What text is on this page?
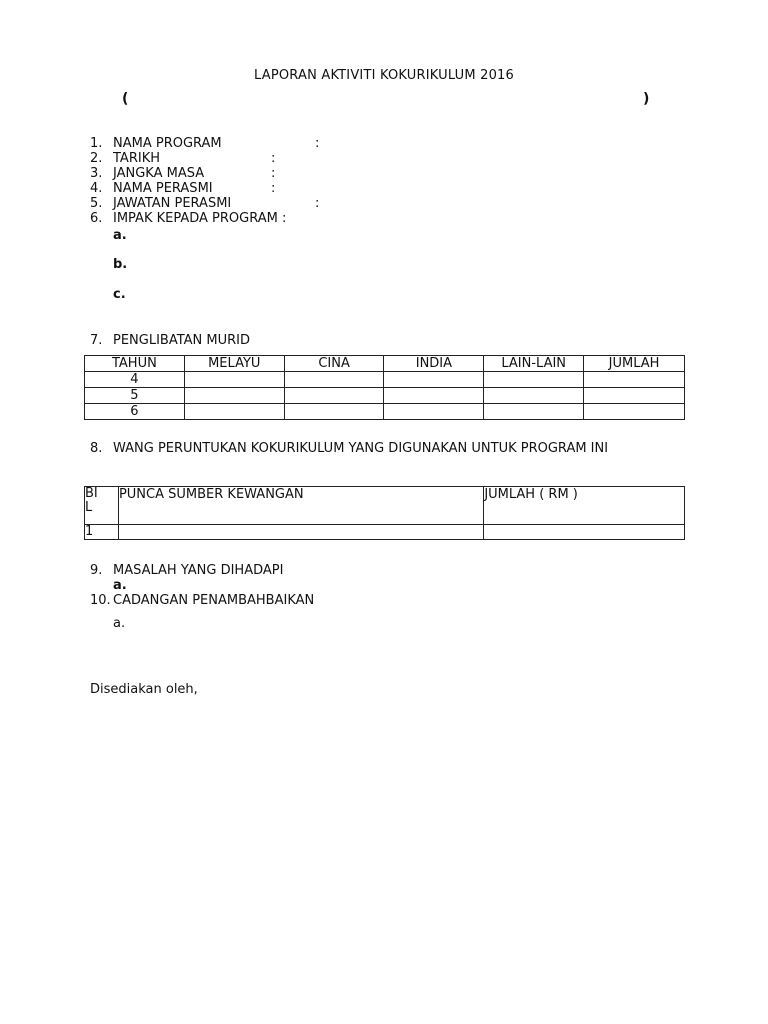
LAPORAN AKTIVITI KOKURIKULUM 2016
(	)
1. NAMA PROGRAM	:
2. TARIKH	:
3. JANGKA MASA	:
4. NAMA PERASMI	:
5. JAWATAN PERASMI	:
6. IMPAK KEPADA PROGRAM :
a.
b.
c.
7. PENGLIBATAN MURID
TAHUN	MELAYU	CINA	INDIA	LAIN-LAIN	JUMLAH
4					
5					
6					
8. WANG PERUNTUKAN KOKURIKULUM YANG DIGUNAKAN UNTUK PROGRAM INI
BI
L	PUNCA SUMBER KEWANGAN	JUMLAH ( RM )
1		
9. MASALAH YANG DIHADAPI
a.
10. CADANGAN PENAMBAHBAIKAN
a.
Disediakan oleh,
